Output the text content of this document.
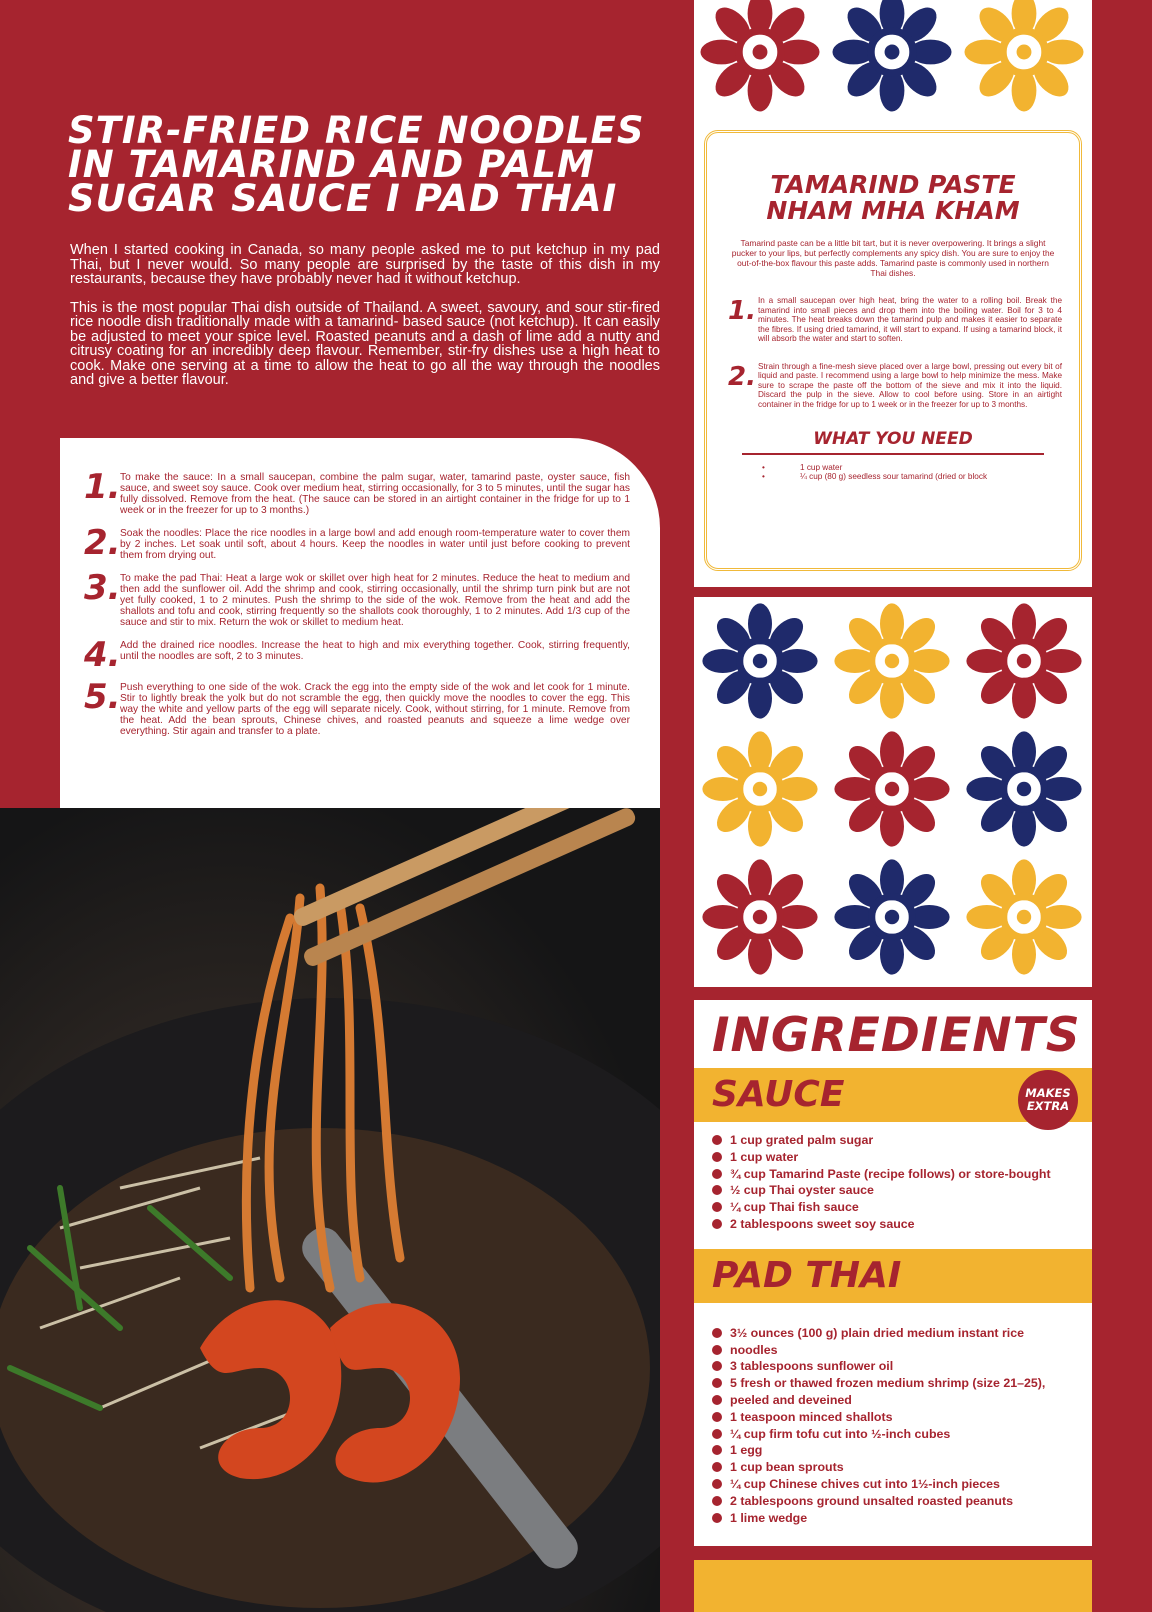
STIR-FRIED RICE NOODLES IN TAMARIND AND PALM SUGAR SAUCE I PAD THAI

When I started cooking in Canada, so many people asked me to put ketchup in my pad Thai, but I never would. So many people are surprised by the taste of this dish in my restaurants, because they have probably never had it without ketchup.

This is the most popular Thai dish outside of Thailand. A sweet, savoury, and sour stir-fired rice noodle dish traditionally made with a tamarind- based sauce (not ketchup). It can easily be adjusted to meet your spice level. Roasted peanuts and a dash of lime add a nutty and citrusy coating for an incredibly deep flavour. Remember, stir-fry dishes use a high heat to cook. Make one serving at a time to allow the heat to go all the way through the noodles and give a better flavour.

1. To make the sauce: In a small saucepan, combine the palm sugar, water, tamarind paste, oyster sauce, fish sauce, and sweet soy sauce. Cook over medium heat, stirring occasionally, for 3 to 5 minutes, until the sugar has fully dissolved. Remove from the heat. (The sauce can be stored in an airtight container in the fridge for up to 1 week or in the freezer for up to 3 months.)
2. Soak the noodles: Place the rice noodles in a large bowl and add enough room-temperature water to cover them by 2 inches. Let soak until soft, about 4 hours. Keep the noodles in water until just before cooking to prevent them from drying out.
3. To make the pad Thai: Heat a large wok or skillet over high heat for 2 minutes. Reduce the heat to medium and then add the sunflower oil. Add the shrimp and cook, stirring occasionally, until the shrimp turn pink but are not yet fully cooked, 1 to 2 minutes. Push the shrimp to the side of the wok. Remove from the heat and add the shallots and tofu and cook, stirring frequently so the shallots cook thoroughly, 1 to 2 minutes. Add 1/3 cup of the sauce and stir to mix. Return the wok or skillet to medium heat.
4. Add the drained rice noodles. Increase the heat to high and mix everything together. Cook, stirring frequently, until the noodles are soft, 2 to 3 minutes.
5. Push everything to one side of the wok. Crack the egg into the empty side of the wok and let cook for 1 minute. Stir to lightly break the yolk but do not scramble the egg, then quickly move the noodles to cover the egg. This way the white and yellow parts of the egg will separate nicely. Cook, without stirring, for 1 minute. Remove from the heat. Add the bean sprouts, Chinese chives, and roasted peanuts and squeeze a lime wedge over everything. Stir again and transfer to a plate.
TAMARIND PASTE
NHAM MHA KHAM
Tamarind paste can be a little bit tart, but it is never overpowering. It brings a slight pucker to your lips, but perfectly complements any spicy dish. You are sure to enjoy the out-of-the-box flavour this paste adds. Tamarind paste is commonly used in northern Thai dishes.
1. In a small saucepan over high heat, bring the water to a rolling boil. Break the tamarind into small pieces and drop them into the boiling water. Boil for 3 to 4 minutes. The heat breaks down the tamarind pulp and makes it easier to separate the fibres. If using dried tamarind, it will start to expand. If using a tamarind block, it will absorb the water and start to soften.
2. Strain through a fine-mesh sieve placed over a large bowl, pressing out every bit of liquid and paste. I recommend using a large bowl to help minimize the mess. Make sure to scrape the paste off the bottom of the sieve and mix it into the liquid. Discard the pulp in the sieve. Allow to cool before using. Store in an airtight container in the fridge for up to 1 week or in the freezer for up to 3 months.
WHAT YOU NEED
• 1 cup water
• ¼ cup (80 g) seedless sour tamarind (dried or block
INGREDIENTS
SAUCE	MAKES
EXTRA
1 cup grated palm sugar
1 cup water
¾ cup Tamarind Paste (recipe follows) or store-bought
½ cup Thai oyster sauce
¼ cup Thai fish sauce
2 tablespoons sweet soy sauce
PAD THAI
3½ ounces (100 g) plain dried medium instant rice
noodles
3 tablespoons sunflower oil
5 fresh or thawed frozen medium shrimp (size 21–25),
peeled and deveined
1 teaspoon minced shallots
¼ cup firm tofu cut into ½-inch cubes
1 egg
1 cup bean sprouts
¼ cup Chinese chives cut into 1½-inch pieces
2 tablespoons ground unsalted roasted peanuts
1 lime wedge
